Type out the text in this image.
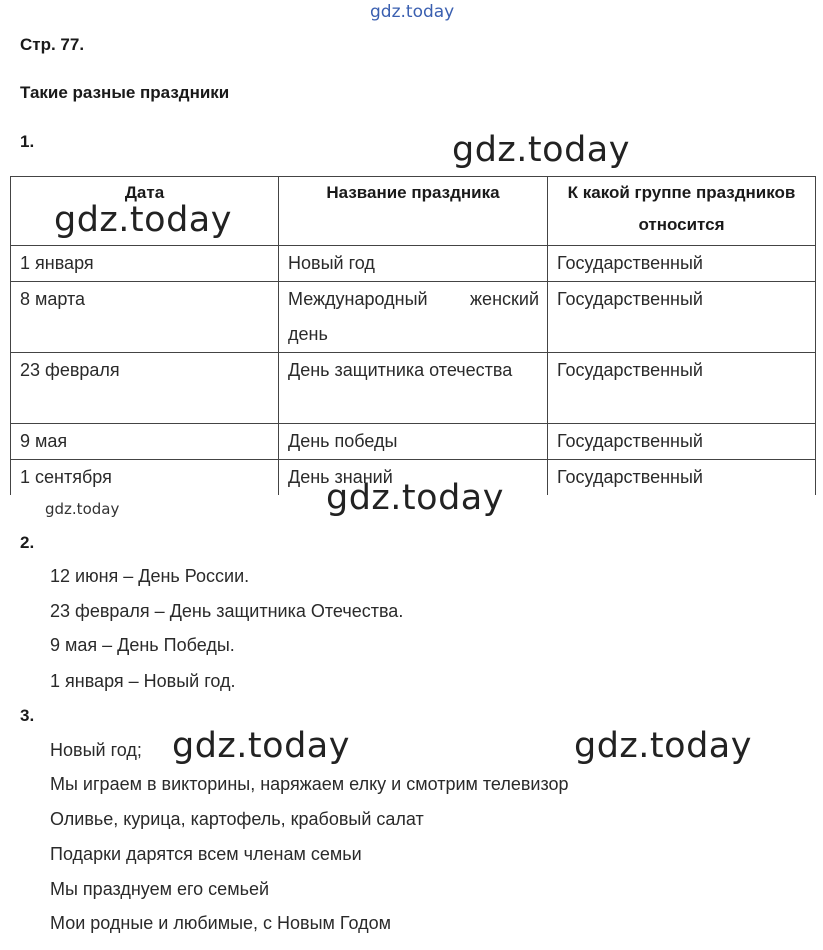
gdz.today
gdz.today
gdz.today
gdz.today
gdz.today
gdz.today	gdz.today
Стр. 77.
Такие разные праздники
1.
Дата	Название праздника	К какой группе праздников относится
1 января	Новый год	Государственный
8 марта	Международный женский день	Государственный
23 февраля	День защитника отечества	Государственный
9 мая	День победы	Государственный
1 сентября	День знаний	Государственный
2.
12 июня – День России.
23 февраля – День защитника Отечества.
9 мая – День Победы.
1 января – Новый год.
3.
Новый год;
Мы играем в викторины, наряжаем елку и смотрим телевизор
Оливье, курица, картофель, крабовый салат
Подарки дарятся всем членам семьи
Мы празднуем его семьей
Мои родные и любимые, с Новым Годом
